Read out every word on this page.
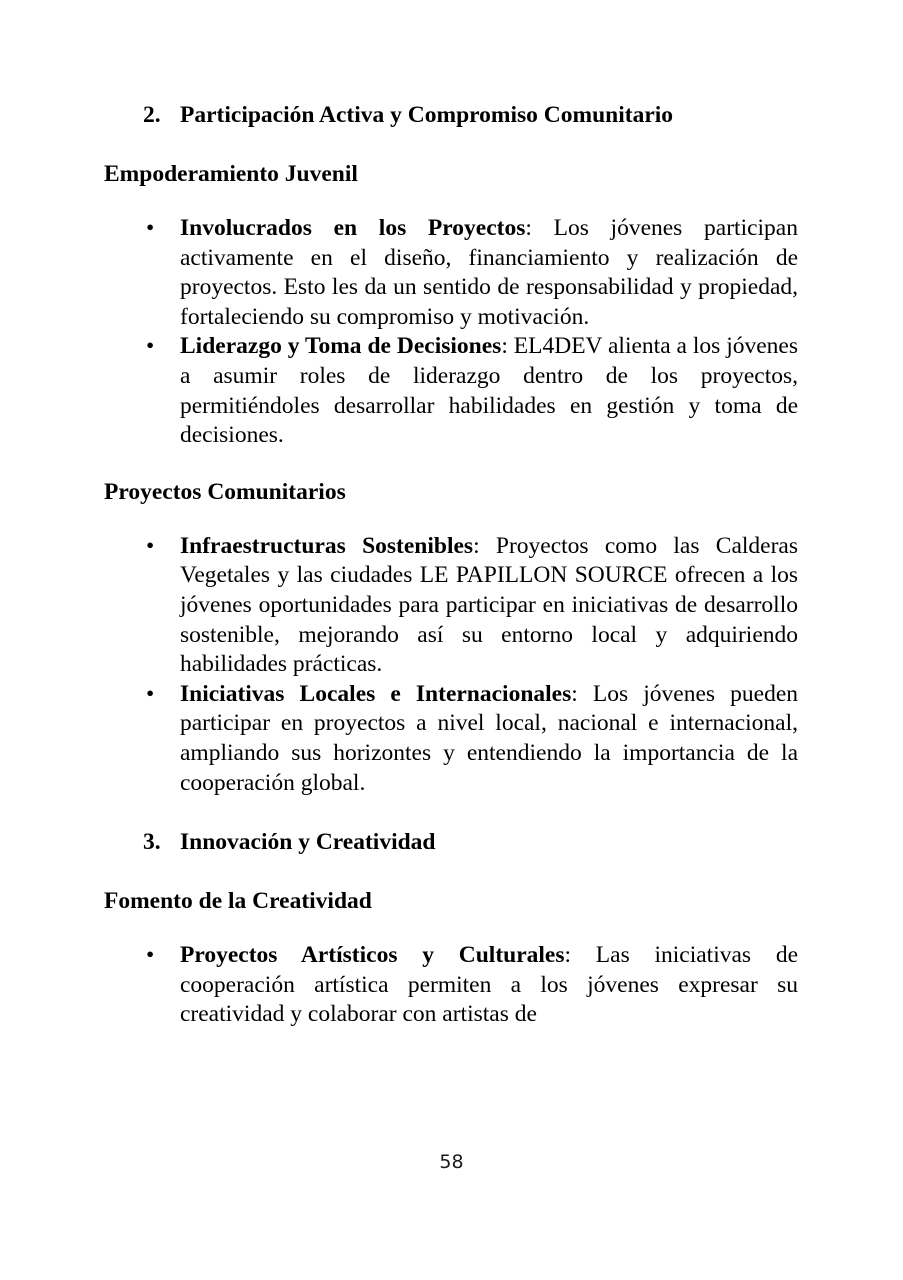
2. Participación Activa y Compromiso Comunitario
Empoderamiento Juvenil
• Involucrados en los Proyectos: Los jóvenes participan activamente en el diseño, financiamiento y realización de proyectos. Esto les da un sentido de responsabilidad y propiedad, fortaleciendo su compromiso y motivación.
• Liderazgo y Toma de Decisiones: EL4DEV alienta a los jóvenes a asumir roles de liderazgo dentro de los proyectos, permitiéndoles desarrollar habilidades en gestión y toma de decisiones.
Proyectos Comunitarios
• Infraestructuras Sostenibles: Proyectos como las Calderas Vegetales y las ciudades LE PAPILLON SOURCE ofrecen a los jóvenes oportunidades para participar en iniciativas de desarrollo sostenible, mejorando así su entorno local y adquiriendo habilidades prácticas.
• Iniciativas Locales e Internacionales: Los jóvenes pueden participar en proyectos a nivel local, nacional e internacional, ampliando sus horizontes y entendiendo la importancia de la cooperación global.
3. Innovación y Creatividad
Fomento de la Creatividad
• Proyectos Artísticos y Culturales: Las iniciativas de cooperación artística permiten a los jóvenes expresar su creatividad y colaborar con artistas de
58
